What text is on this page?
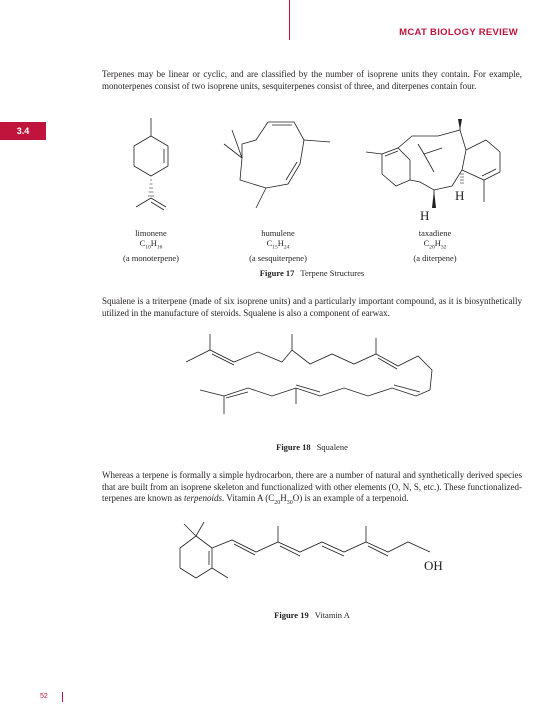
MCAT BIOLOGY REVIEW
3.4

Terpenes may be linear or cyclic, and are classified by the number of isoprene units they contain. For example, monoterpenes consist of two isoprene units, sesquiterpenes consist of three, and diterpenes contain four.

H
H
limonene
$C_{10}H_{16}$
(a monoterpene)
humulene
$C_{15}H_{24}$
(a sesquiterpene)
taxadiene
$C_{20}H_{32}$
(a diterpene)
Figure 17 Terpene Structures

Squalene is a triterpene (made of six isoprene units) and a particularly important compound, as it is biosynthetically utilized in the manufacture of steroids. Squalene is also a component of earwax.

Figure 18 Squalene

Whereas a terpene is formally a simple hydrocarbon, there are a number of natural and synthetically derived species that are built from an isoprene skeleton and functionalized with other elements (O, N, S, etc.). These functionalized-terpenes are known as terpenoids. Vitamin A $(C_{20}H_{30}O)$ is an example of a terpenoid.

OH
Figure 19 Vitamin A
52
